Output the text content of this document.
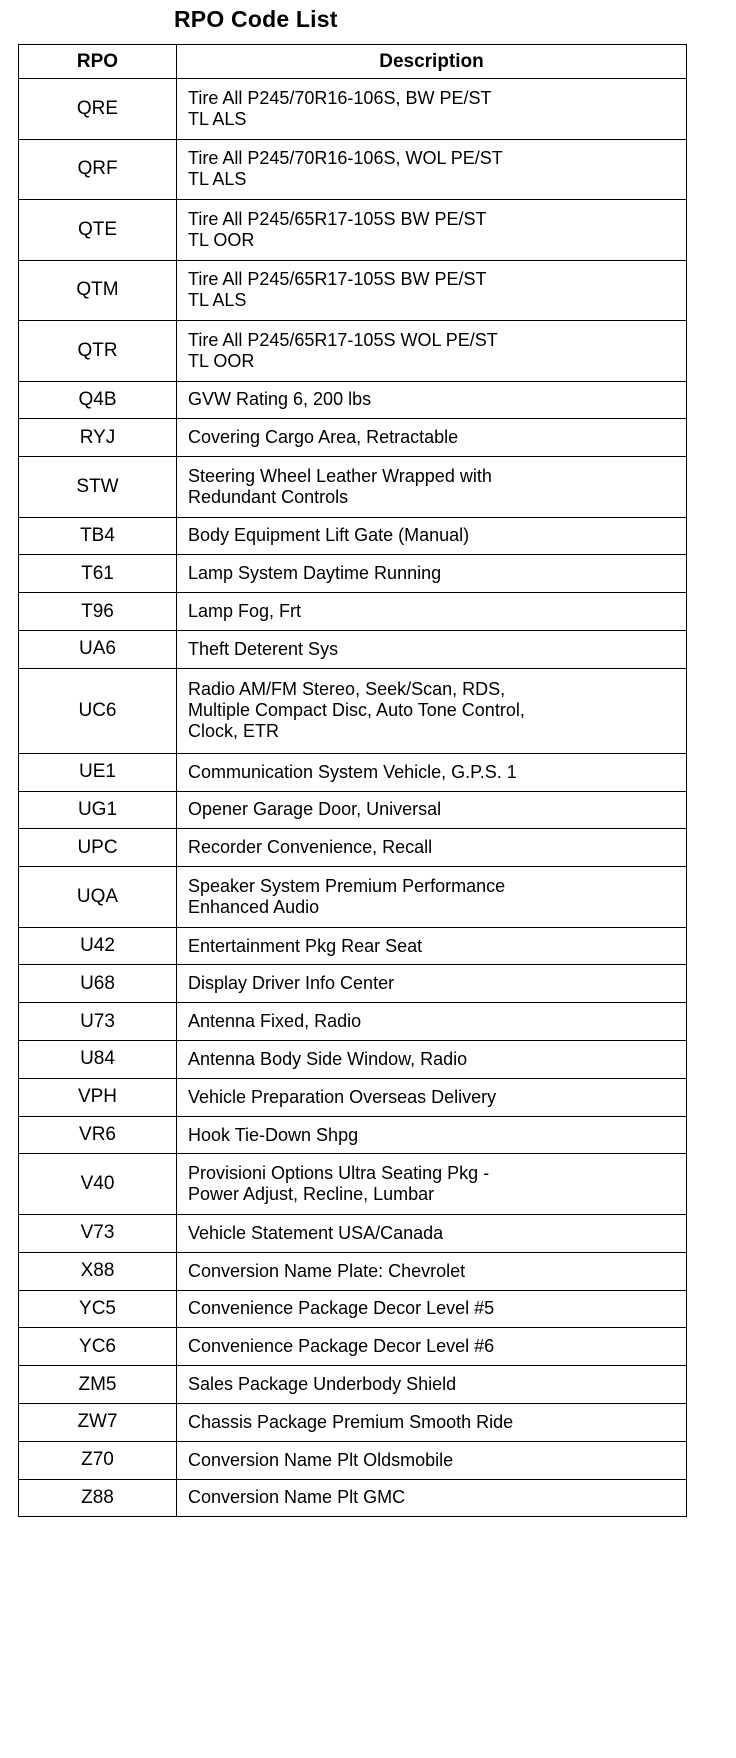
RPO Code List
RPO	Description
QRE	Tire All P245/70R16-106S, BW PE/ST
TL ALS

QRF	Tire All P245/70R16-106S, WOL PE/ST
TL ALS

QTE	Tire All P245/65R17-105S BW PE/ST
TL OOR

QTM	Tire All P245/65R17-105S BW PE/ST
TL ALS

QTR	Tire All P245/65R17-105S WOL PE/ST
TL OOR

Q4B	GVW Rating 6, 200 lbs

RYJ	Covering Cargo Area, Retractable

STW	Steering Wheel Leather Wrapped with
Redundant Controls

TB4	Body Equipment Lift Gate (Manual)

T61	Lamp System Daytime Running

T96	Lamp Fog, Frt

UA6	Theft Deterent Sys

UC6	Radio AM/FM Stereo, Seek/Scan, RDS,
Multiple Compact Disc, Auto Tone Control,
Clock, ETR

UE1	Communication System Vehicle, G.P.S. 1

UG1	Opener Garage Door, Universal

UPC	Recorder Convenience, Recall

UQA	Speaker System Premium Performance
Enhanced Audio

U42	Entertainment Pkg Rear Seat

U68	Display Driver Info Center

U73	Antenna Fixed, Radio

U84	Antenna Body Side Window, Radio

VPH	Vehicle Preparation Overseas Delivery

VR6	Hook Tie-Down Shpg

V40	Provisioni Options Ultra Seating Pkg -
Power Adjust, Recline, Lumbar

V73	Vehicle Statement USA/Canada

X88	Conversion Name Plate: Chevrolet

YC5	Convenience Package Decor Level #5

YC6	Convenience Package Decor Level #6

ZM5	Sales Package Underbody Shield

ZW7	Chassis Package Premium Smooth Ride

Z70	Conversion Name Plt Oldsmobile

Z88	Conversion Name Plt GMC
